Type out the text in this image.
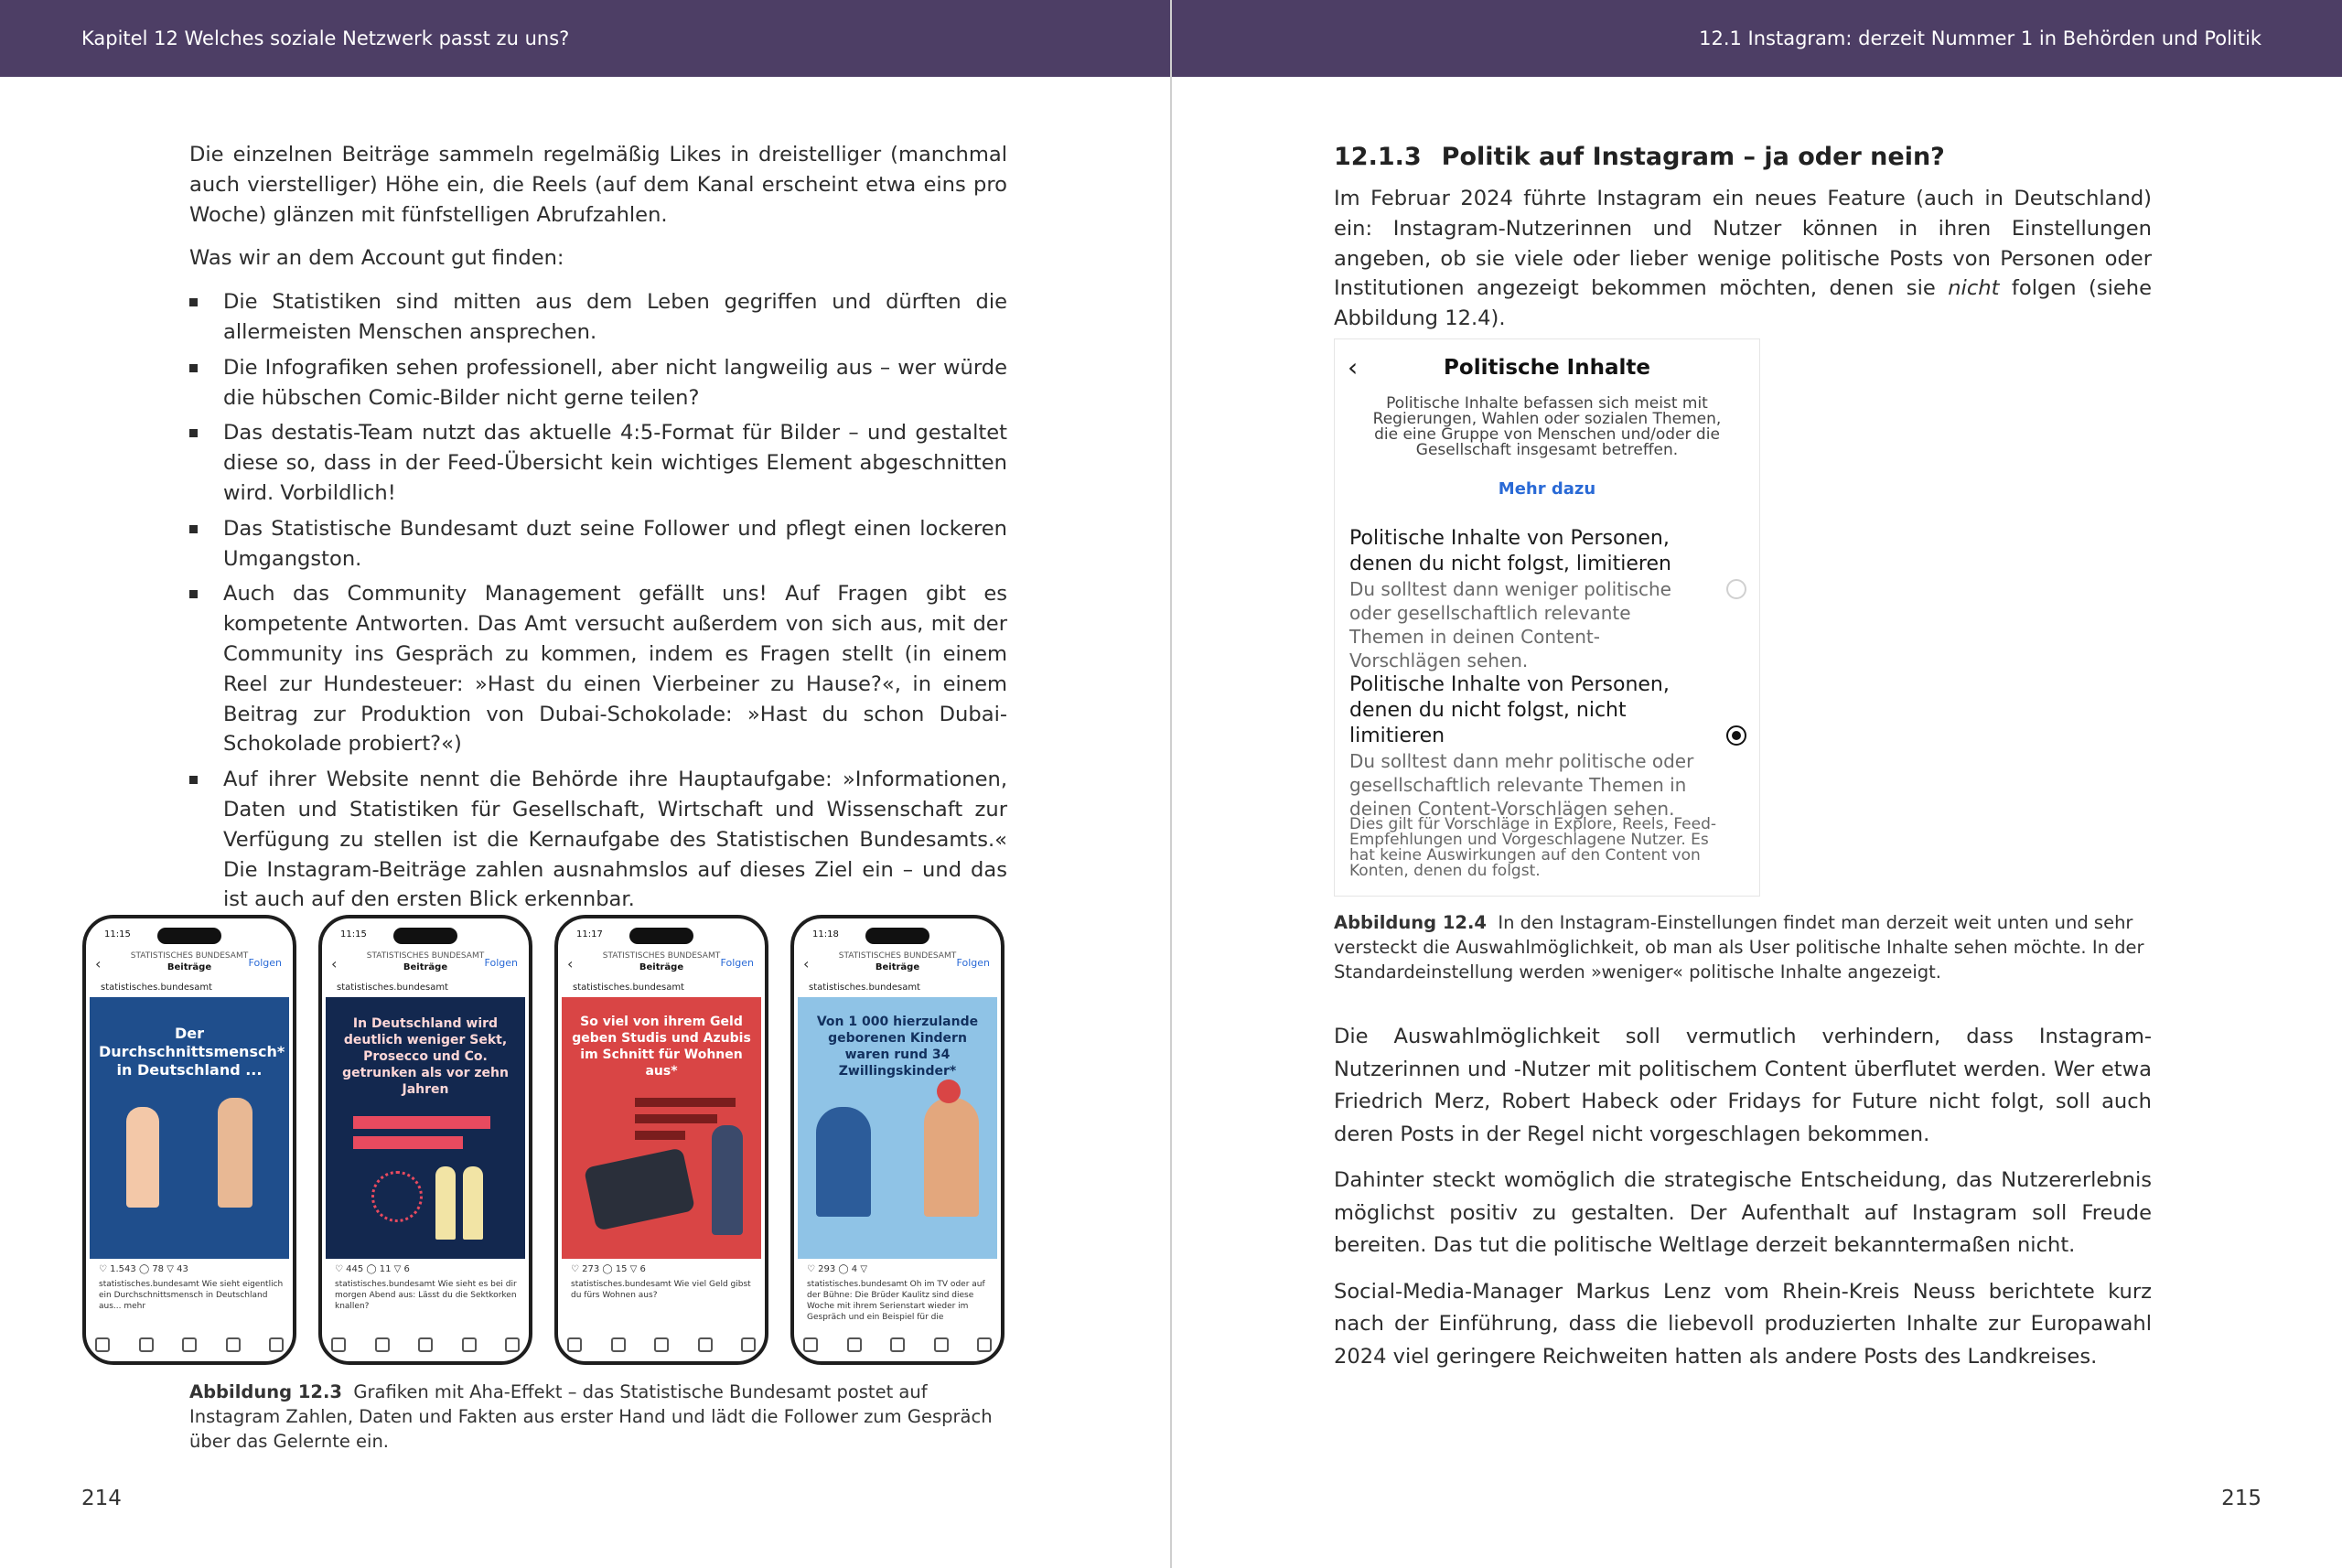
Kapitel 12 Welches soziale Netzwerk passt zu uns?

Die einzelnen Beiträge sammeln regelmäßig Likes in dreistelliger (manchmal auch vierstelliger) Höhe ein, die Reels (auf dem Kanal erscheint etwa eins pro Woche) glänzen mit fünfstelligen Abrufzahlen.

Was wir an dem Account gut finden:

Die Statistiken sind mitten aus dem Leben gegriffen und dürften die allermeisten Menschen ansprechen.
Die Infografiken sehen professionell, aber nicht langweilig aus – wer würde die hübschen Comic-Bilder nicht gerne teilen?
Das destatis-Team nutzt das aktuelle 4:5-Format für Bilder – und gestaltet diese so, dass in der Feed-Übersicht kein wichtiges Element abgeschnitten wird. Vorbildlich!
Das Statistische Bundesamt duzt seine Follower und pflegt einen lockeren Umgangston.
Auch das Community Management gefällt uns! Auf Fragen gibt es kompetente Antworten. Das Amt versucht außerdem von sich aus, mit der Community ins Gespräch zu kommen, indem es Fragen stellt (in einem Reel zur Hundesteuer: »Hast du einen Vierbeiner zu Hause?«, in einem Beitrag zur Produktion von Dubai-Schokolade: »Hast du schon Dubai-Schokolade probiert?«)
Auf ihrer Website nennt die Behörde ihre Hauptaufgabe: »Informationen, Daten und Statistiken für Gesellschaft, Wirtschaft und Wissenschaft zur Verfügung zu stellen ist die Kernaufgabe des Statistischen Bundesamts.« Die Instagram-Beiträge zahlen ausnahmslos auf dieses Ziel ein – und das ist auch auf den ersten Blick erkennbar.
11:15
‹	STATISTISCHES BUNDESAMT
Beiträge	Folgen
statistisches.bundesamt
Der Durchschnittsmensch* in Deutschland ...
♡ 1.543 ◯ 78 ▽ 43
statistisches.bundesamt Wie sieht eigentlich ein Durchschnittsmensch in Deutschland aus... mehr
11:15
‹	STATISTISCHES BUNDESAMT
Beiträge	Folgen
statistisches.bundesamt
In Deutschland wird deutlich weniger Sekt, Prosecco und Co. getrunken als vor zehn Jahren
♡ 445 ◯ 11 ▽ 6
statistisches.bundesamt Wie sieht es bei dir morgen Abend aus: Lässt du die Sektkorken knallen?
11:17
‹	STATISTISCHES BUNDESAMT
Beiträge	Folgen
statistisches.bundesamt
So viel von ihrem Geld geben Studis und Azubis im Schnitt für Wohnen aus*
♡ 273 ◯ 15 ▽ 6
statistisches.bundesamt Wie viel Geld gibst du fürs Wohnen aus?
11:18
‹	STATISTISCHES BUNDESAMT
Beiträge	Folgen
statistisches.bundesamt
Von 1 000 hierzulande geborenen Kindern waren rund 34 Zwillingskinder*
♡ 293 ◯ 4 ▽
statistisches.bundesamt Oh im TV oder auf der Bühne: Die Brüder Kaulitz sind diese Woche mit ihrem Serienstart wieder im Gespräch und ein Beispiel für die
Abbildung 12.3 Grafiken mit Aha-Effekt – das Statistische Bundesamt postet auf Instagram Zahlen, Daten und Fakten aus erster Hand und lädt die Follower zum Gespräch über das Gelernte ein.
214
12.1 Instagram: derzeit Nummer 1 in Behörden und Politik
12.1.3 Politik auf Instagram – ja oder nein?

Im Februar 2024 führte Instagram ein neues Feature (auch in Deutschland) ein: Instagram-Nutzerinnen und Nutzer können in ihren Einstellungen angeben, ob sie viele oder lieber wenige politische Posts von Personen oder Institutionen angezeigt bekommen möchten, denen sie nicht folgen (siehe Abbildung 12.4).

‹	Politische Inhalte
Politische Inhalte befassen sich meist mit Regierungen, Wahlen oder sozialen Themen, die eine Gruppe von Menschen und/oder die Gesellschaft insgesamt betreffen.
Mehr dazu
Politische Inhalte von Personen, denen du nicht folgst, limitieren
Du solltest dann weniger politische oder gesellschaftlich relevante Themen in deinen Content-Vorschlägen sehen.
Politische Inhalte von Personen, denen du nicht folgst, nicht limitieren
Du solltest dann mehr politische oder gesellschaftlich relevante Themen in deinen Content-Vorschlägen sehen.
Dies gilt für Vorschläge in Explore, Reels, Feed-Empfehlungen und Vorgeschlagene Nutzer. Es hat keine Auswirkungen auf den Content von Konten, denen du folgst.
Abbildung 12.4 In den Instagram-Einstellungen findet man derzeit weit unten und sehr versteckt die Auswahlmöglichkeit, ob man als User politische Inhalte sehen möchte. In der Standardeinstellung werden »weniger« politische Inhalte angezeigt.

Die Auswahlmöglichkeit soll vermutlich verhindern, dass Instagram-Nutzerinnen und -Nutzer mit politischem Content überflutet werden. Wer etwa Friedrich Merz, Robert Habeck oder Fridays for Future nicht folgt, soll auch deren Posts in der Regel nicht vorgeschlagen bekommen.

Dahinter steckt womöglich die strategische Entscheidung, das Nutzererlebnis möglichst positiv zu gestalten. Der Aufenthalt auf Instagram soll Freude bereiten. Das tut die politische Weltlage derzeit bekanntermaßen nicht.

Social-Media-Manager Markus Lenz vom Rhein-Kreis Neuss berichtete kurz nach der Einführung, dass die liebevoll produzierten Inhalte zur Europawahl 2024 viel geringere Reichweiten hatten als andere Posts des Landkreises.

215
